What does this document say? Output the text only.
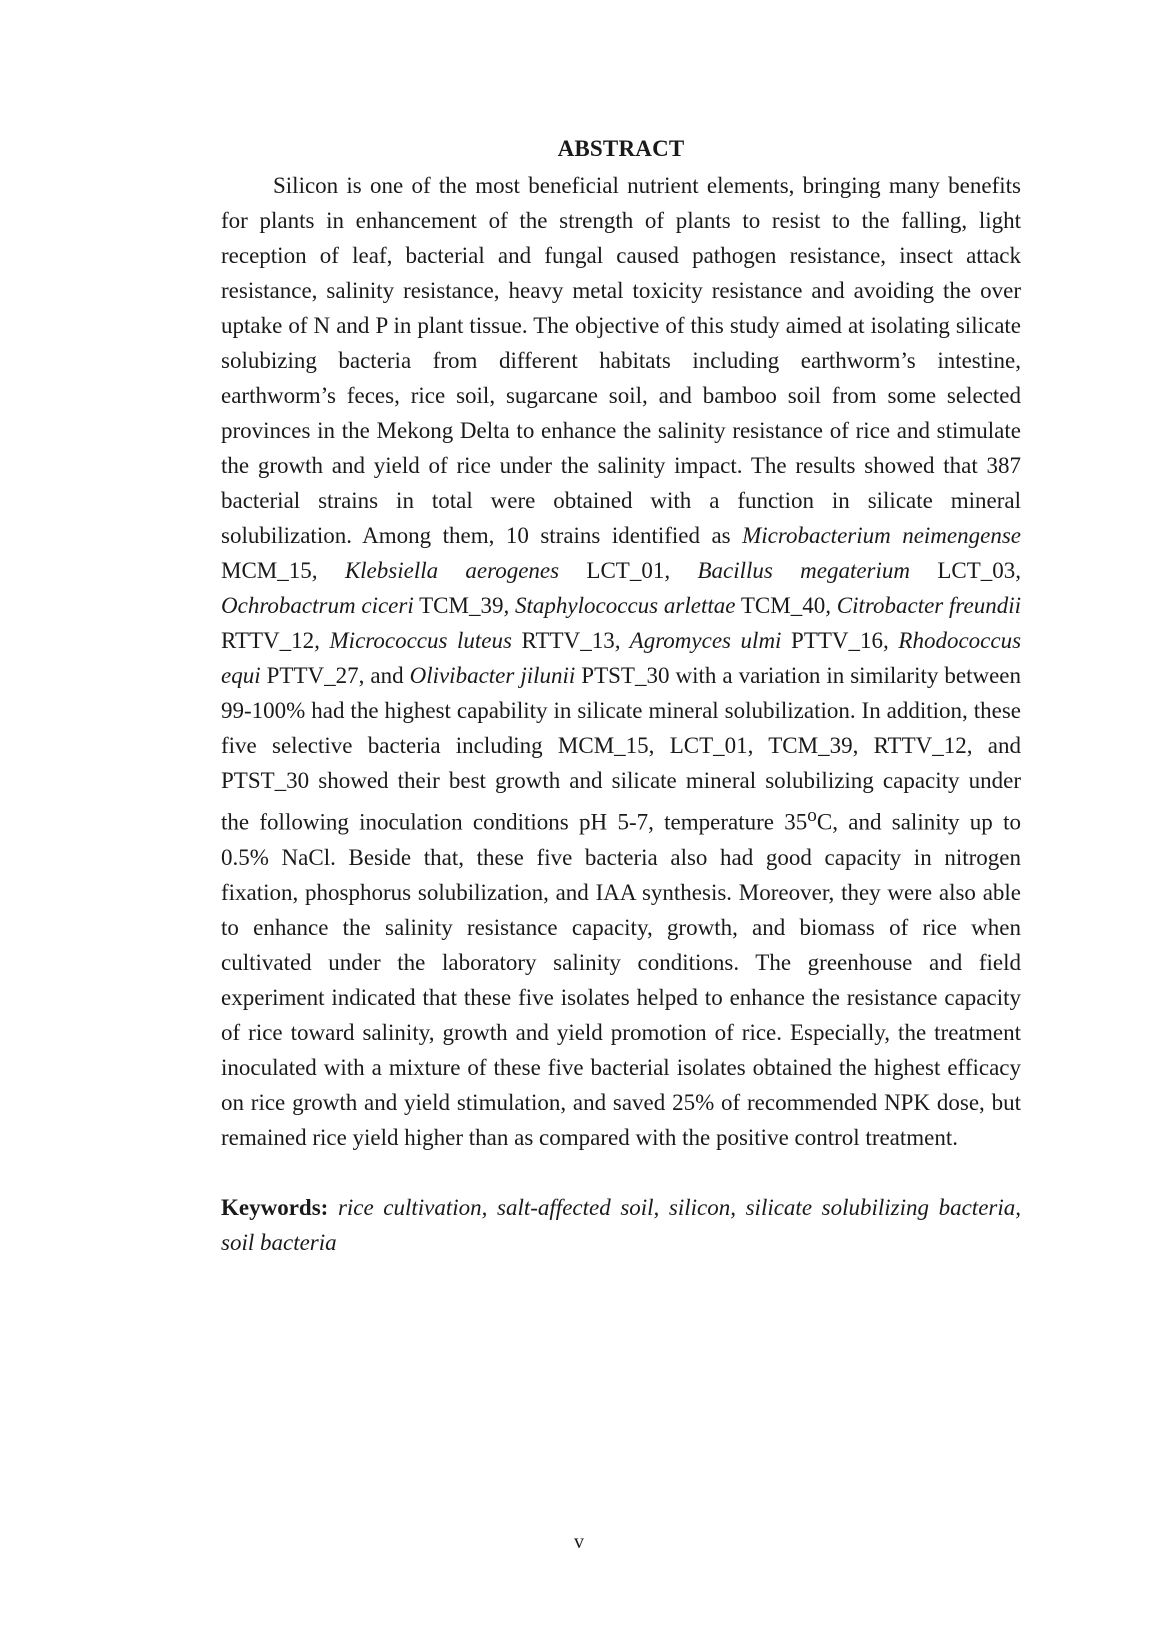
ABSTRACT

Silicon is one of the most beneficial nutrient elements, bringing many benefits for plants in enhancement of the strength of plants to resist to the falling, light reception of leaf, bacterial and fungal caused pathogen resistance, insect attack resistance, salinity resistance, heavy metal toxicity resistance and avoiding the over uptake of N and P in plant tissue. The objective of this study aimed at isolating silicate solubizing bacteria from different habitats including earthworm’s intestine, earthworm’s feces, rice soil, sugarcane soil, and bamboo soil from some selected provinces in the Mekong Delta to enhance the salinity resistance of rice and stimulate the growth and yield of rice under the salinity impact. The results showed that 387 bacterial strains in total were obtained with a function in silicate mineral solubilization. Among them, 10 strains identified as Microbacterium neimengense MCM_15, Klebsiella aerogenes LCT_01, Bacillus megaterium LCT_03, Ochrobactrum ciceri TCM_39, Staphylococcus arlettae TCM_40, Citrobacter freundii RTTV_12, Micrococcus luteus RTTV_13, Agromyces ulmi PTTV_16, Rhodococcus equi PTTV_27, and Olivibacter jilunii PTST_30 with a variation in similarity between 99-100% had the highest capability in silicate mineral solubilization. In addition, these five selective bacteria including MCM_15, LCT_01, TCM_39, RTTV_12, and PTST_30 showed their best growth and silicate mineral solubilizing capacity under the following inoculation conditions pH 5-7, temperature 35$^o$C, and salinity up to 0.5% NaCl. Beside that, these five bacteria also had good capacity in nitrogen fixation, phosphorus solubilization, and IAA synthesis. Moreover, they were also able to enhance the salinity resistance capacity, growth, and biomass of rice when cultivated under the laboratory salinity conditions. The greenhouse and field experiment indicated that these five isolates helped to enhance the resistance capacity of rice toward salinity, growth and yield promotion of rice. Especially, the treatment inoculated with a mixture of these five bacterial isolates obtained the highest efficacy on rice growth and yield stimulation, and saved 25% of recommended NPK dose, but remained rice yield higher than as compared with the positive control treatment.

Keywords: rice cultivation, salt-affected soil, silicon, silicate solubilizing bacteria, soil bacteria
v
